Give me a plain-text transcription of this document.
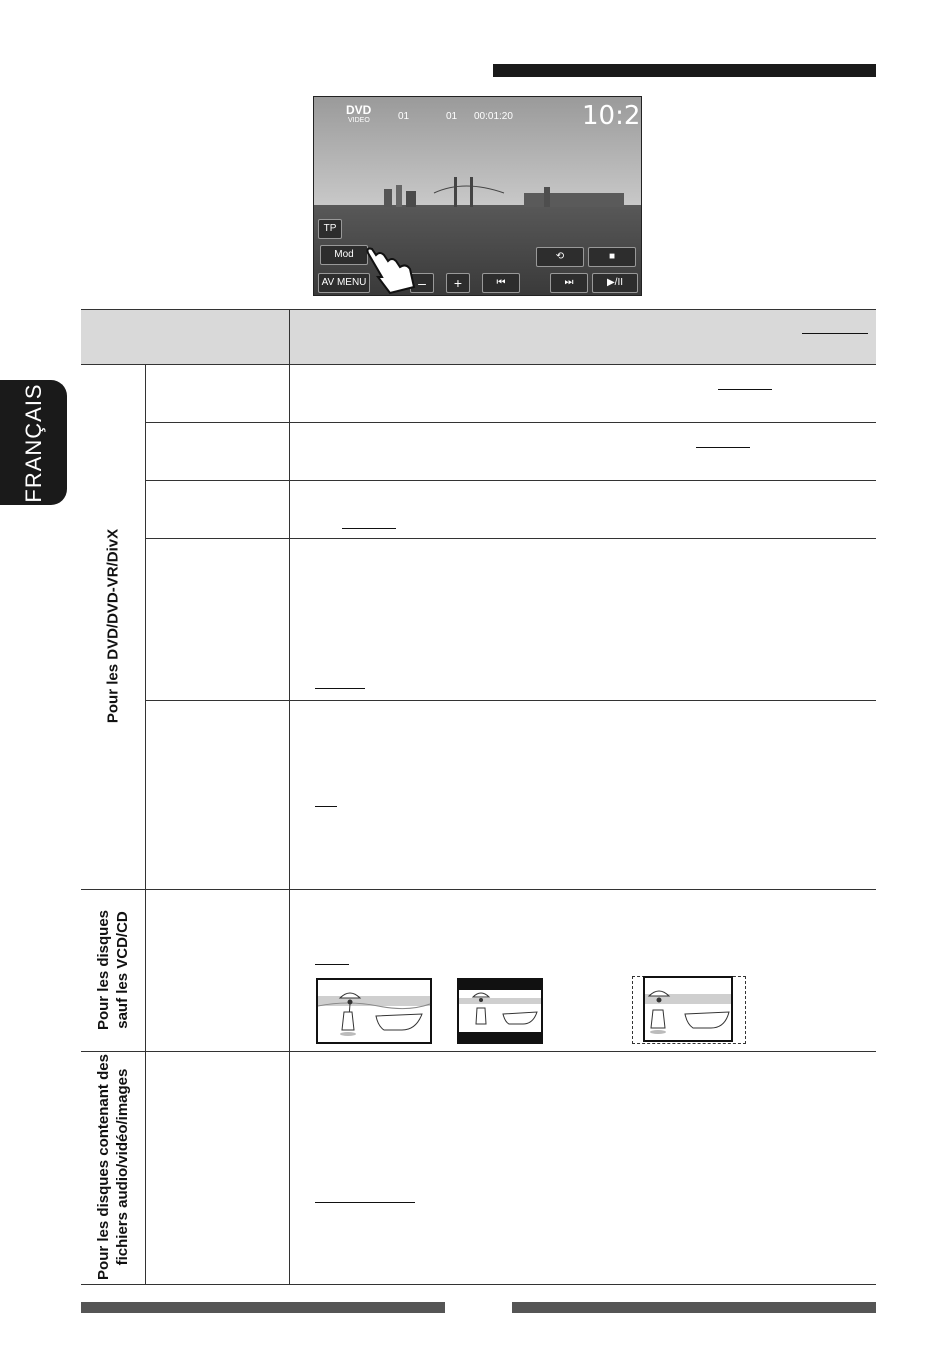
FRANÇAIS
DVD
VIDEO	01	01 00:01:20	10:28
TP
Mod
AV MENU	–	+	⏮	⏭	▶/II
⟲	■
Pour les DVD/DVD-VR/DivX
Pour les disques sauf les VCD/CD
Pour les disques contenant des fichiers audio/vidéo/images
